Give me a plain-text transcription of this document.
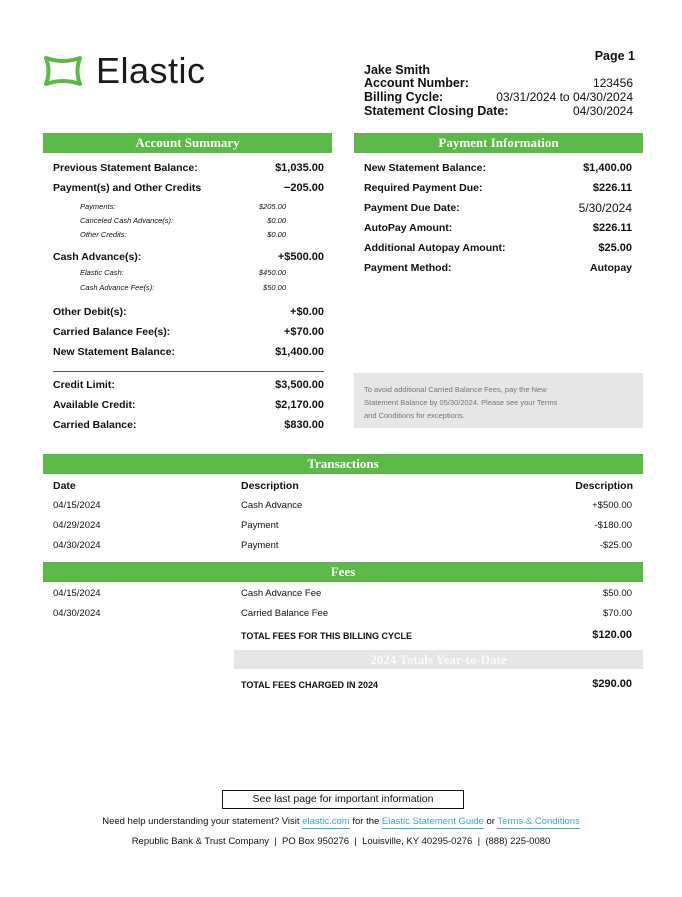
Elastic	Page 1
Jake Smith
Account Number:	123456
Billing Cycle:	03/31/2024 to 04/30/2024
Statement Closing Date:	04/30/2024
Account Summary
Previous Statement Balance:	$1,035.00
Payment(s) and Other Credits	−205.00
Payments:	$205.00
Canceled Cash Advance(s):	$0.00
Other Credits:	$0.00
Cash Advance(s):	+$500.00
Elastic Cash:	$450.00
Cash Advance Fee(s):	$50.00
Other Debit(s):	+$0.00
Carried Balance Fee(s):	+$70.00
New Statement Balance:	$1,400.00
Credit Limit:	$3,500.00
Available Credit:	$2,170.00
Carried Balance:	$830.00
Payment Information
New Statement Balance:	$1,400.00
Required Payment Due:	$226.11
Payment Due Date:	5/30/2024
AutoPay Amount:	$226.11
Additional Autopay Amount:	$25.00
Payment Method:	Autopay
To avoid additional Carried Balance Fees, pay the New
Statement Balance by 05/30/2024. Please see your Terms
and Conditions for exceptions.
Transactions
Date	Description	Description
04/15/2024	Cash Advance	+$500.00
04/29/2024	Payment	-$180.00
04/30/2024	Payment	-$25.00
Fees
04/15/2024	Cash Advance Fee	$50.00
04/30/2024	Carried Balance Fee	$70.00
TOTAL FEES FOR THIS BILLING CYCLE	$120.00
2024 Totals Year-to-Date
TOTAL FEES CHARGED IN 2024	$290.00
See last page for important information
Need help understanding your statement? Visit elastic.com for the Elastic Statement Guide or Terms & Conditions
Republic Bank & Trust Company  |  PO Box 950276  |  Louisville, KY 40295-0276  |  (888) 225-0080
